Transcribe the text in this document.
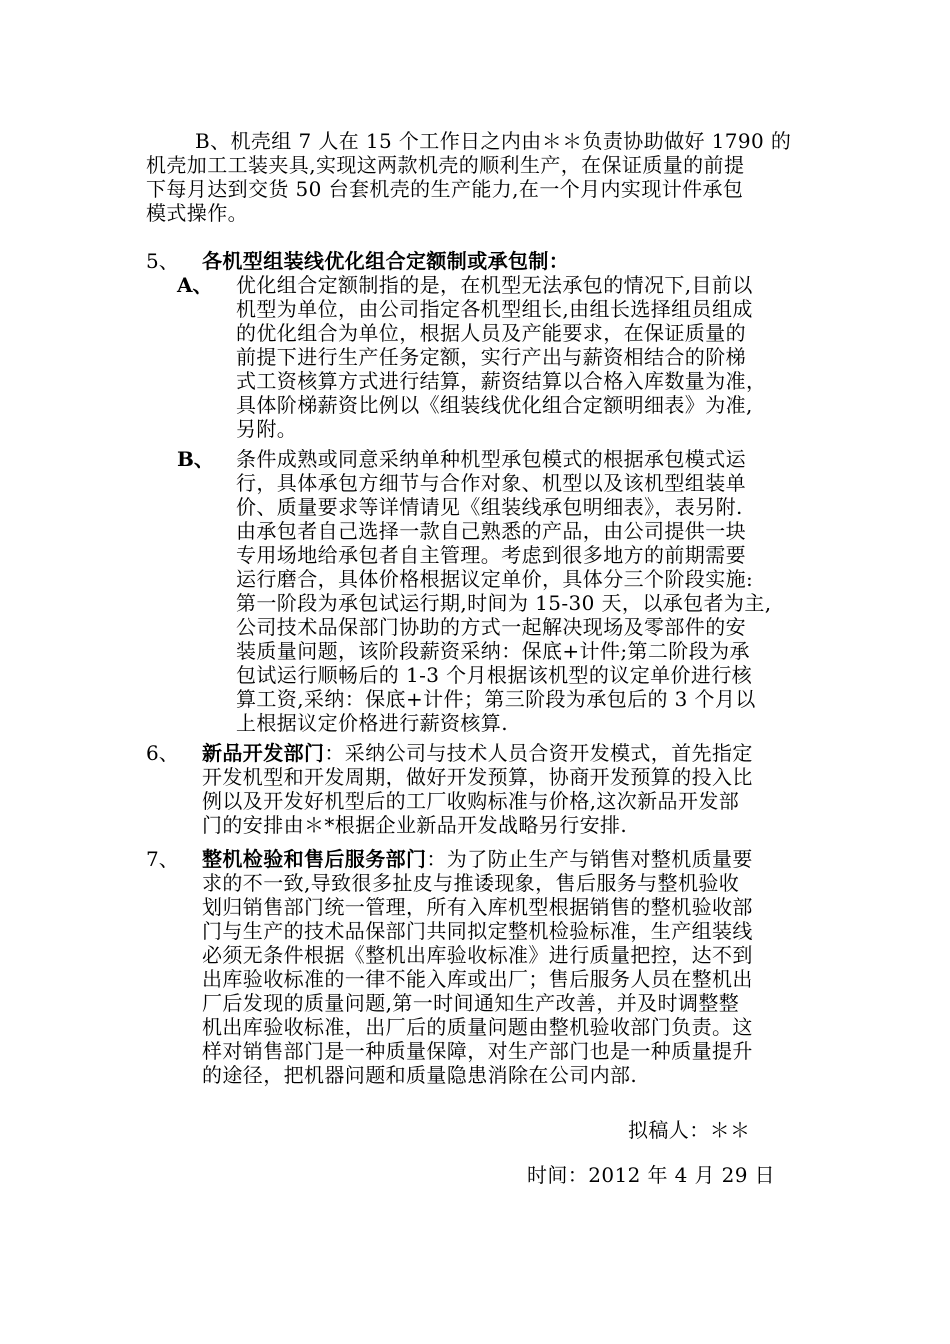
B、机壳组 7 人在 15 个工作日之内由＊＊负责协助做好 1790 的
机壳加工工装夹具,实现这两款机壳的顺利生产，在保证质量的前提
下每月达到交货 50 台套机壳的生产能力,在一个月内实现计件承包
模式操作。
5、 各机型组装线优化组合定额制或承包制：
A、 优化组合定额制指的是，在机型无法承包的情况下,目前以
机型为单位，由公司指定各机型组长,由组长选择组员组成
的优化组合为单位，根据人员及产能要求，在保证质量的
前提下进行生产任务定额，实行产出与薪资相结合的阶梯
式工资核算方式进行结算，薪资结算以合格入库数量为准，
具体阶梯薪资比例以《组装线优化组合定额明细表》为准,
另附。
B、 条件成熟或同意采纳单种机型承包模式的根据承包模式运
行，具体承包方细节与合作对象、机型以及该机型组装单
价、质量要求等详情请见《组装线承包明细表》，表另附.
由承包者自己选择一款自己熟悉的产品，由公司提供一块
专用场地给承包者自主管理。考虑到很多地方的前期需要
运行磨合，具体价格根据议定单价，具体分三个阶段实施:
第一阶段为承包试运行期,时间为 15-30 天，以承包者为主,
公司技术品保部门协助的方式一起解决现场及零部件的安
装质量问题，该阶段薪资采纳：保底+计件;第二阶段为承
包试运行顺畅后的 1-3 个月根据该机型的议定单价进行核
算工资,采纳：保底+计件；第三阶段为承包后的 3 个月以
上根据议定价格进行薪资核算.
6、 新品开发部门：采纳公司与技术人员合资开发模式，首先指定
开发机型和开发周期，做好开发预算，协商开发预算的投入比
例以及开发好机型后的工厂收购标准与价格,这次新品开发部
门的安排由＊*根据企业新品开发战略另行安排.
7、 整机检验和售后服务部门：为了防止生产与销售对整机质量要
求的不一致,导致很多扯皮与推诿现象，售后服务与整机验收
划归销售部门统一管理，所有入库机型根据销售的整机验收部
门与生产的技术品保部门共同拟定整机检验标准，生产组装线
必须无条件根据《整机出库验收标准》进行质量把控，达不到
出库验收标准的一律不能入库或出厂；售后服务人员在整机出
厂后发现的质量问题,第一时间通知生产改善，并及时调整整
机出库验收标准，出厂后的质量问题由整机验收部门负责。这
样对销售部门是一种质量保障，对生产部门也是一种质量提升
的途径，把机器问题和质量隐患消除在公司内部.
拟稿人：＊＊
时间：2012 年 4 月 29 日
